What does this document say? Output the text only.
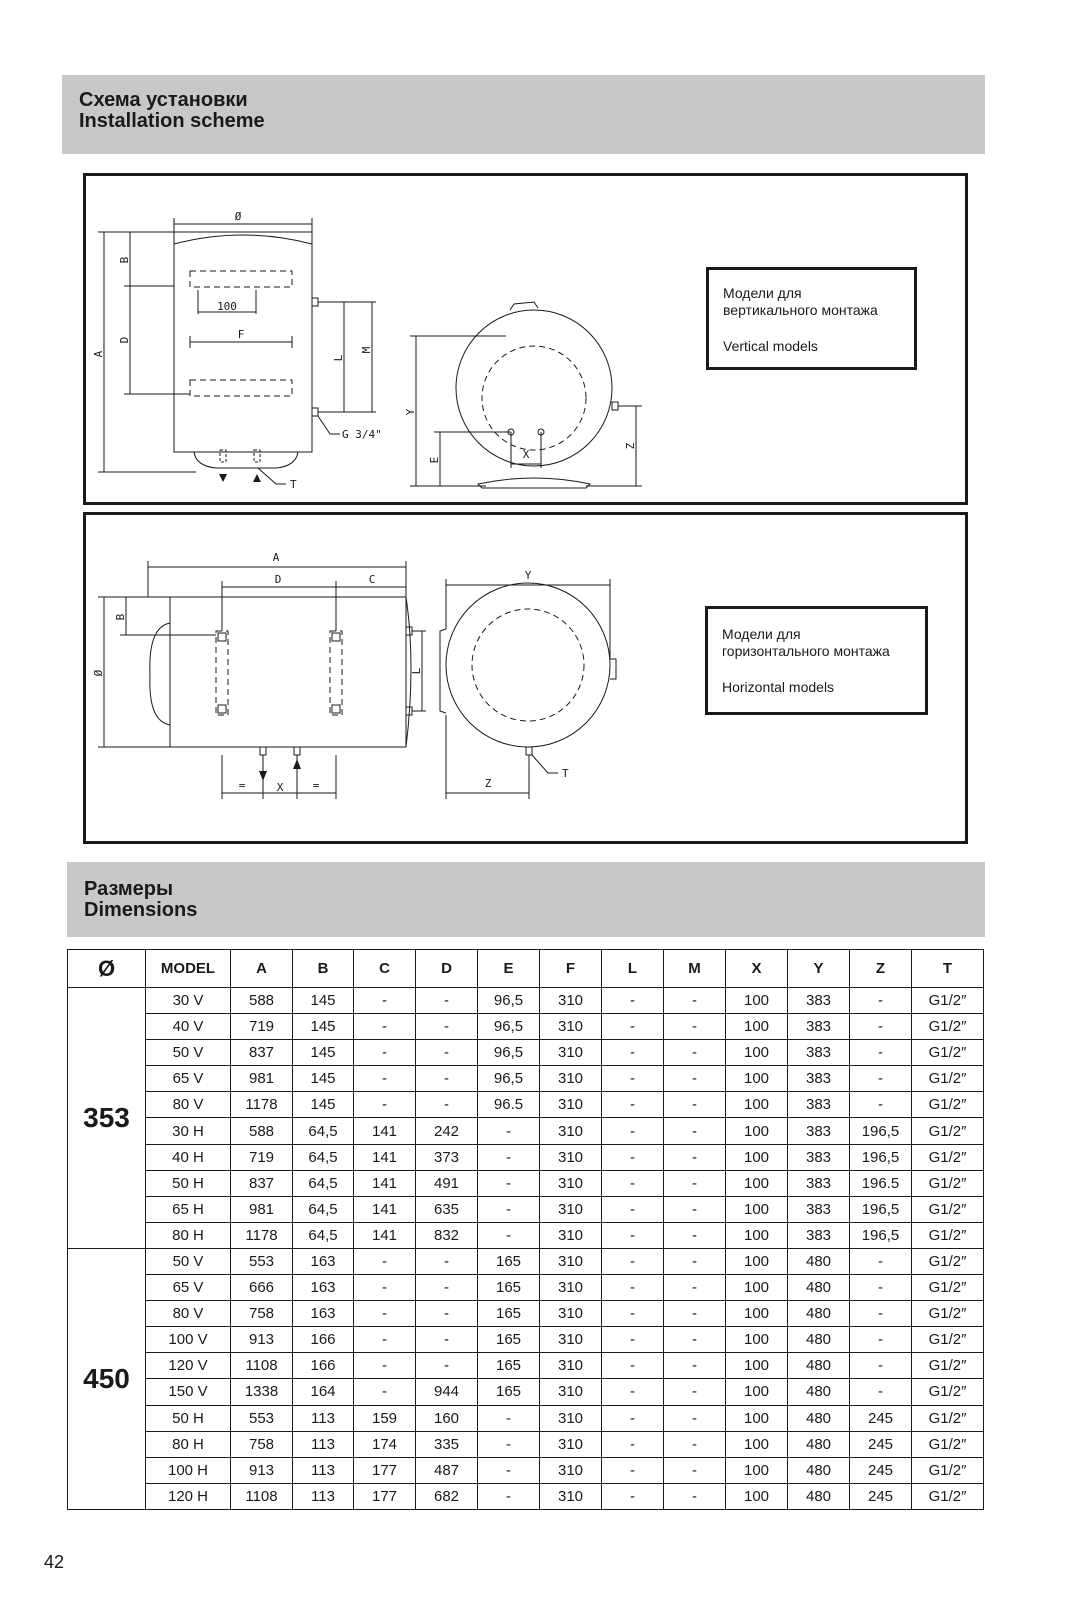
Схема установки
Installation scheme
Ø
100
F
A
B
D
L
M
G 3/4"
T
Y
E	X
Z
Модели для
вертикального монтажа
Vertical models
A
D	C
B
Ø	L
=	X	=
Y
Z
T
Модели для
горизонтального монтажа
Horizontal models
Размеры
Dimensions
Ø	MODEL	A	B	C	D	E	F	L	M	X	Y	Z	T
353	30 V	588	145	-	-	96,5	310	-	-	100	383	-	G1/2″
	40 V	719	145	-	-	96,5	310	-	-	100	383	-	G1/2″
	50 V	837	145	-	-	96,5	310	-	-	100	383	-	G1/2″
	65 V	981	145	-	-	96,5	310	-	-	100	383	-	G1/2″
	80 V	1178	145	-	-	96.5	310	-	-	100	383	-	G1/2″
	30 H	588	64,5	141	242	-	310	-	-	100	383	196,5	G1/2″
	40 H	719	64,5	141	373	-	310	-	-	100	383	196,5	G1/2″
	50 H	837	64,5	141	491	-	310	-	-	100	383	196.5	G1/2″
	65 H	981	64,5	141	635	-	310	-	-	100	383	196,5	G1/2″
	80 H	1178	64,5	141	832	-	310	-	-	100	383	196,5	G1/2″
450	50 V	553	163	-	-	165	310	-	-	100	480	-	G1/2″
	65 V	666	163	-	-	165	310	-	-	100	480	-	G1/2″
	80 V	758	163	-	-	165	310	-	-	100	480	-	G1/2″
	100 V	913	166	-	-	165	310	-	-	100	480	-	G1/2″
	120 V	1108	166	-	-	165	310	-	-	100	480	-	G1/2″
	150 V	1338	164	-	944	165	310	-	-	100	480	-	G1/2″
	50 H	553	113	159	160	-	310	-	-	100	480	245	G1/2″
	80 H	758	113	174	335	-	310	-	-	100	480	245	G1/2″
	100 H	913	113	177	487	-	310	-	-	100	480	245	G1/2″
	120 H	1108	113	177	682	-	310	-	-	100	480	245	G1/2″
42
